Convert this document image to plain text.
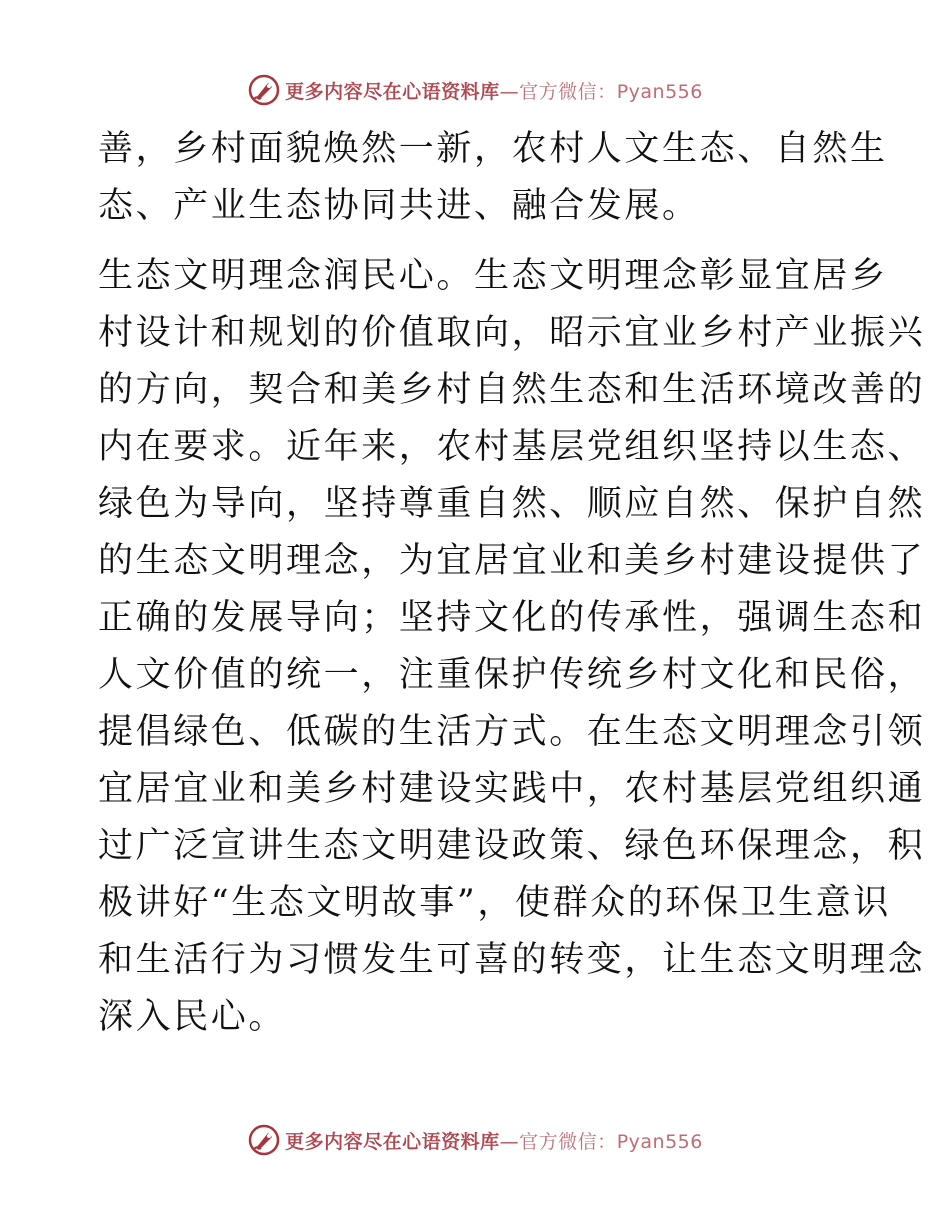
更多内容尽在心语资料库—官方微信：Pyan556
善，乡村面貌焕然一新，农村人文生态、自然生
态、产业生态协同共进、融合发展。
生态文明理念润民心。生态文明理念彰显宜居乡
村设计和规划的价值取向，昭示宜业乡村产业振兴
的方向，契合和美乡村自然生态和生活环境改善的
内在要求。近年来，农村基层党组织坚持以生态、
绿色为导向，坚持尊重自然、顺应自然、保护自然
的生态文明理念，为宜居宜业和美乡村建设提供了
正确的发展导向；坚持文化的传承性，强调生态和
人文价值的统一，注重保护传统乡村文化和民俗，
提倡绿色、低碳的生活方式。在生态文明理念引领
宜居宜业和美乡村建设实践中，农村基层党组织通
过广泛宣讲生态文明建设政策、绿色环保理念，积
极讲好“生态文明故事”，使群众的环保卫生意识
和生活行为习惯发生可喜的转变，让生态文明理念
深入民心。
更多内容尽在心语资料库—官方微信：Pyan556
